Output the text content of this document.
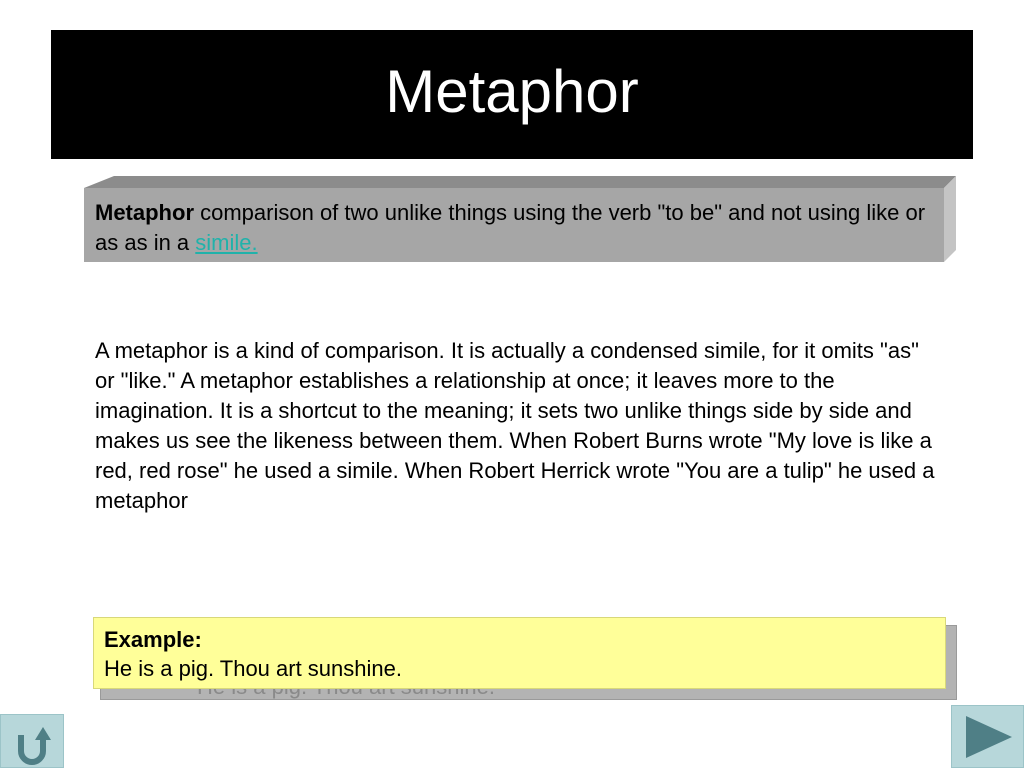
Metaphor
Metaphor comparison of two unlike things using the verb "to be" and not using like or as as in a simile.
A metaphor is a kind of comparison. It is actually a condensed simile, for it omits "as" or "like." A metaphor establishes a relationship at once; it leaves more to the imagination. It is a shortcut to the meaning; it sets two unlike things side by side and makes us see the likeness between them. When Robert Burns wrote "My love is like a red, red rose" he used a simile. When Robert Herrick wrote "You are a tulip" he used a metaphor
Example:
He is a pig. Thou art sunshine.
